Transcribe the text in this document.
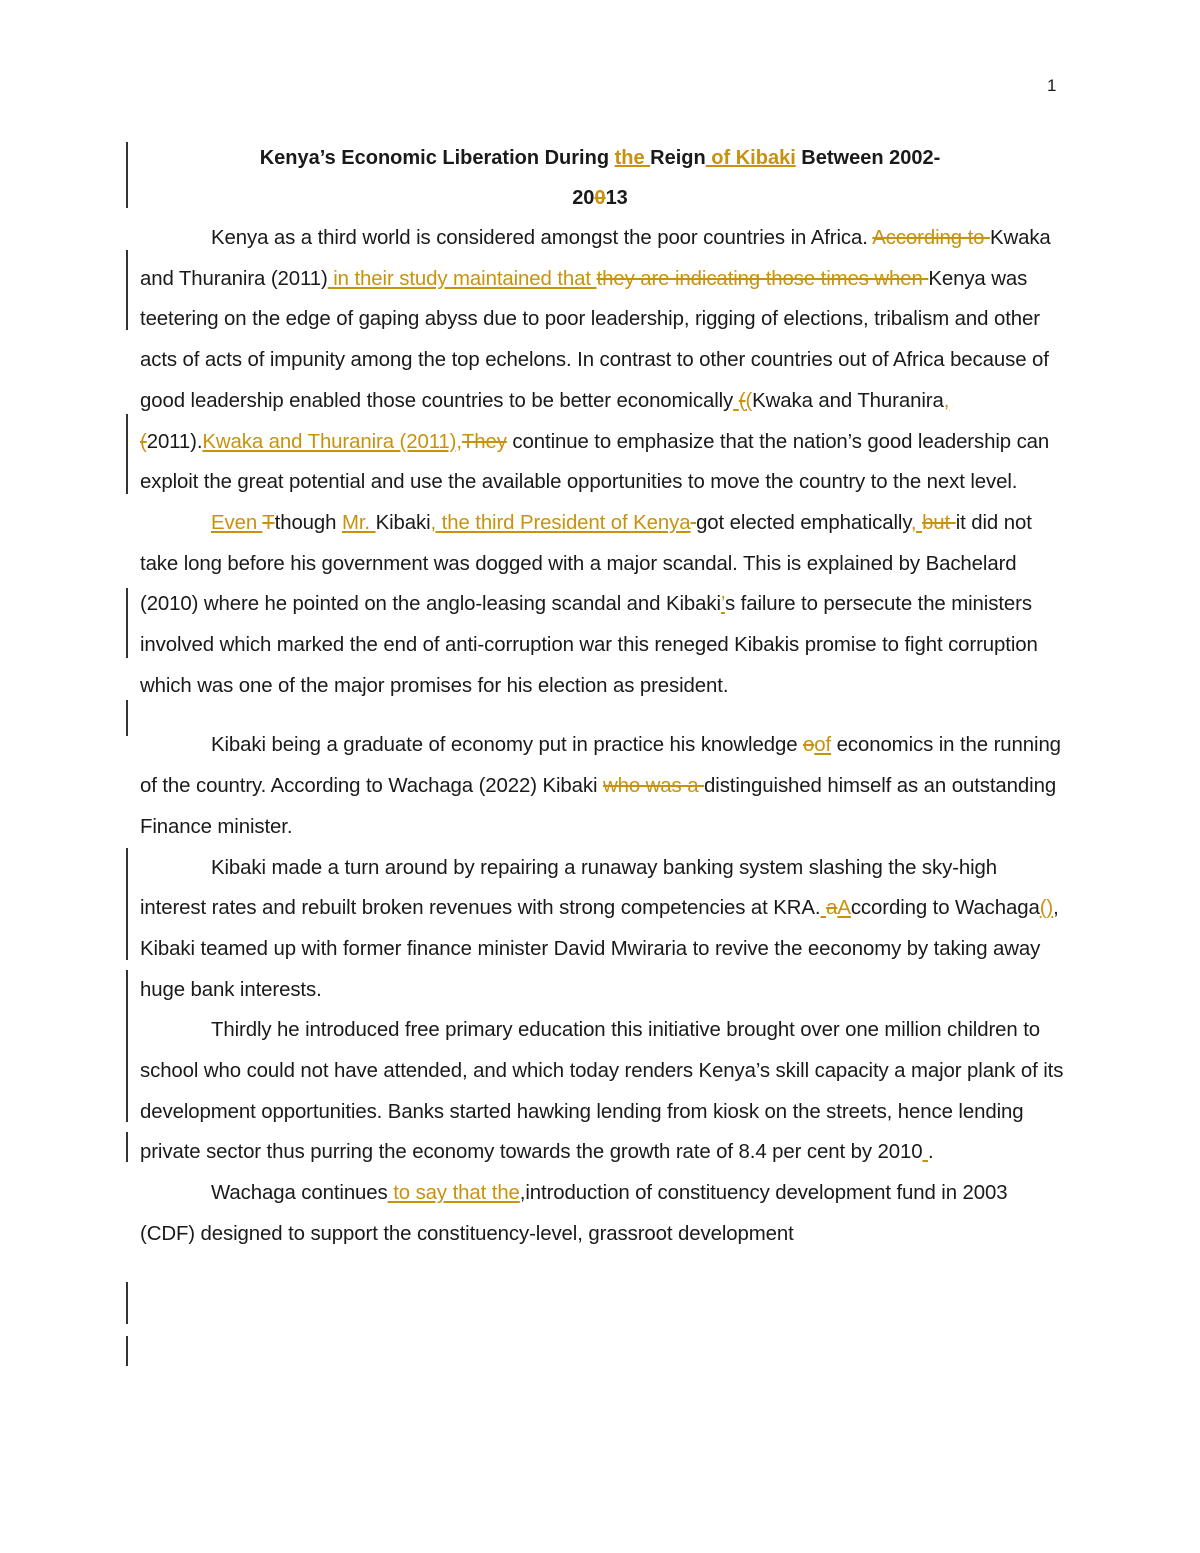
1
Kenya’s Economic Liberation During the Reign of Kibaki Between 2002-
20013

Kenya as a third world is considered amongst the poor countries in Africa. According to Kwaka and Thuranira (2011) in their study maintained that they are indicating those times when Kenya was teetering on the edge of gaping abyss due to poor leadership, rigging of elections, tribalism and other acts of acts of impunity among the top echelons. In contrast to other countries out of Africa because of good leadership enabled those countries to be better economically ((Kwaka and Thuranira, (2011).Kwaka and Thuranira (2011),They continue to emphasize that the nation’s good leadership can exploit the great potential and use the available opportunities to move the country to the next level.

Even Tthough Mr. Kibaki, the third President of Kenya got elected emphatically, but it did not take long before his government was dogged with a major scandal. This is explained by Bachelard (2010) where he pointed on the anglo-leasing scandal and Kibaki’s failure to persecute the ministers involved which marked the end of anti-corruption war this reneged Kibakis promise to fight corruption which was one of the major promises for his election as president.

Kibaki being a graduate of economy put in practice his knowledge oof economics in the running of the country. According to Wachaga (2022) Kibaki who was a distinguished himself as an outstanding Finance minister.

Kibaki made a turn around by repairing a runaway banking system slashing the sky-high interest rates and rebuilt broken revenues with strong competencies at KRA. aAccording to Wachaga(), Kibaki teamed up with former finance minister David Mwiraria to revive the eeconomy by taking away huge bank interests.

Thirdly he introduced free primary education this initiative brought over one million children to school who could not have attended, and which today renders Kenya’s skill capacity a major plank of its development opportunities. Banks started hawking lending from kiosk on the streets, hence lending private sector thus purring the economy towards the growth rate of 8.4 per cent by 2010 .

Wachaga continues to say that the,introduction of constituency development fund in 2003 (CDF) designed to support the constituency-level, grassroot development
